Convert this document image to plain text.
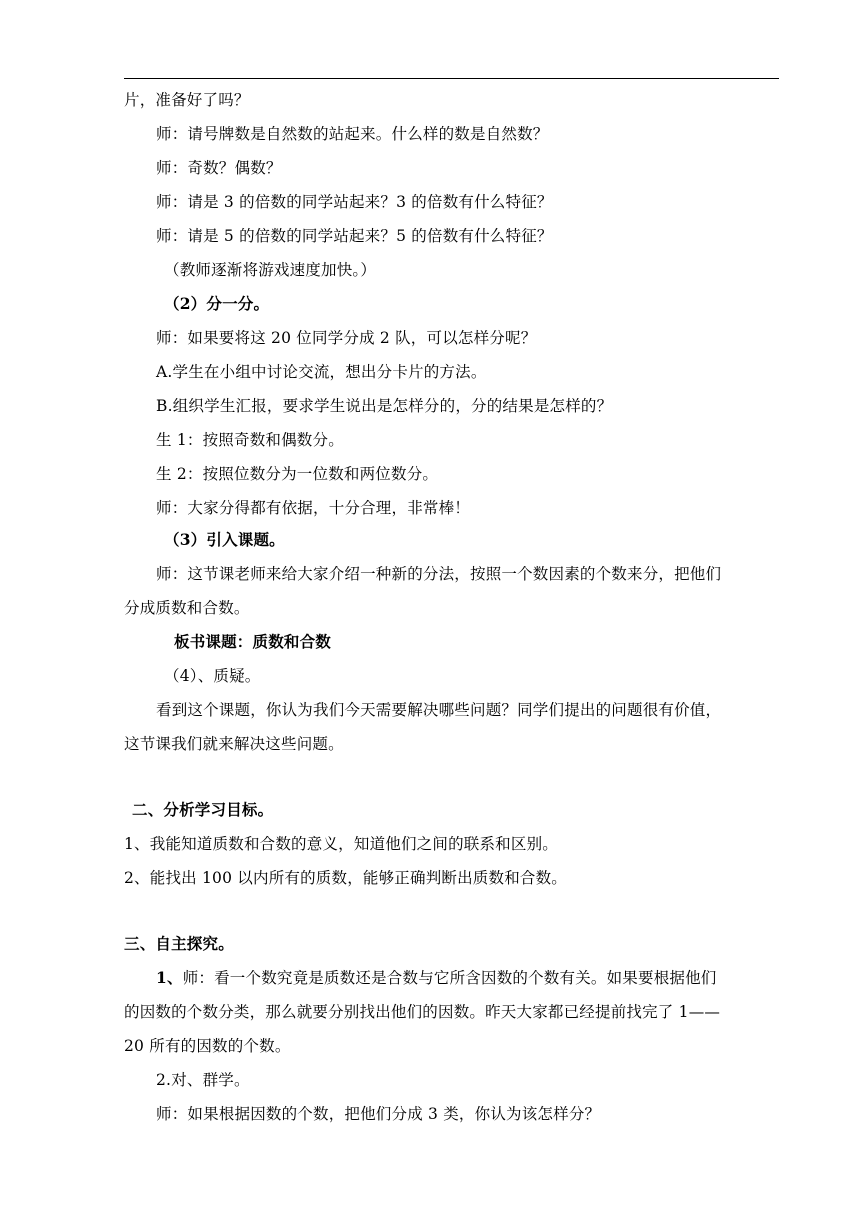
片，准备好了吗？
师：请号牌数是自然数的站起来。什么样的数是自然数？
师：奇数？偶数？
师：请是 3 的倍数的同学站起来？3 的倍数有什么特征？
师：请是 5 的倍数的同学站起来？5 的倍数有什么特征？
（教师逐渐将游戏速度加快。）
（2）分一分。
师：如果要将这 20 位同学分成 2 队，可以怎样分呢？
A.学生在小组中讨论交流，想出分卡片的方法。
B.组织学生汇报，要求学生说出是怎样分的，分的结果是怎样的？
生 1：按照奇数和偶数分。
生 2：按照位数分为一位数和两位数分。
师：大家分得都有依据，十分合理，非常棒！
（3）引入课题。
师：这节课老师来给大家介绍一种新的分法，按照一个数因素的个数来分，把他们
分成质数和合数。
板书课题：质数和合数
（4）、质疑。
看到这个课题，你认为我们今天需要解决哪些问题？同学们提出的问题很有价值，
这节课我们就来解决这些问题。
二、分析学习目标。
1、我能知道质数和合数的意义，知道他们之间的联系和区别。
2、能找出 100 以内所有的质数，能够正确判断出质数和合数。
三、自主探究。
1、师：看一个数究竟是质数还是合数与它所含因数的个数有关。如果要根据他们
的因数的个数分类，那么就要分别找出他们的因数。昨天大家都已经提前找完了 1——
20 所有的因数的个数。
2.对、群学。
师：如果根据因数的个数，把他们分成 3 类，你认为该怎样分？
